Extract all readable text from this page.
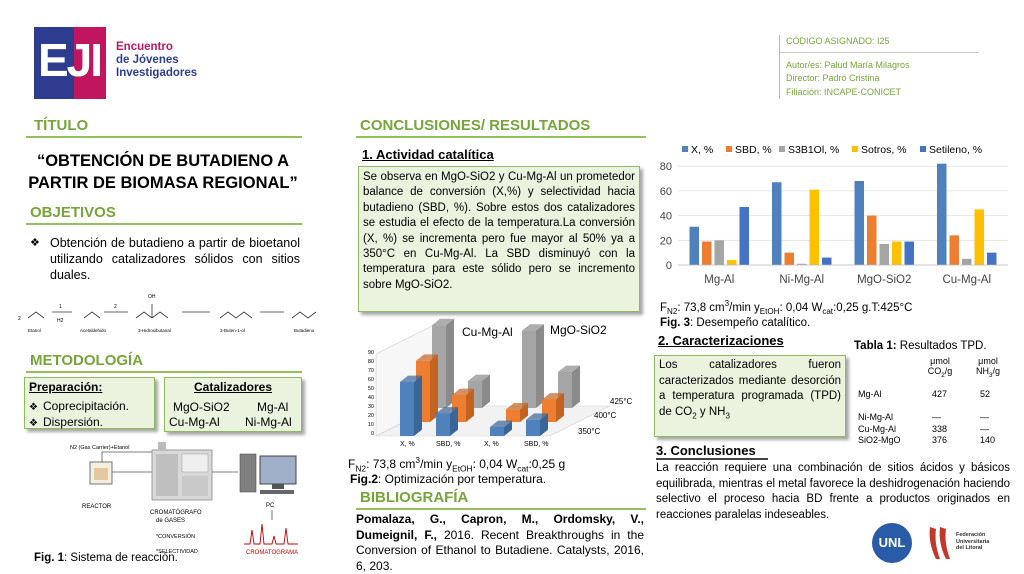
EJI Encuentro
de Jóvenes
Investigadores
CÓDIGO ASIGNADO: I25
Autor/es: Palud María Milagros
Director: Padró Cristina
Filiación: INCAPE-CONICET
TÍTULO
“OBTENCIÓN DE BUTADIENO A PARTIR DE BIOMASA REGIONAL”
OBJETIVOS
❖ Obtención de butadieno a partir de bioetanol utilizando catalizadores sólidos con sitios duales.
2
1
H2
2
OH
Etanol	Acetaldehido	3-Hidroxibutanal	3-Buten-1-ol	Butadieno
METODOLOGÍA
Preparación:
❖ Coprecipitación.
❖ Dispersión.
Catalizadores
MgO-SiO2 Mg-Al
Cu-Mg-Al Ni-Mg-Al
N2 (Gas Carrier)+Etanol
REACTOR
CROMATÓGRAFO
de GASES
*CONVERSIÓN
*SELECTIVIDAD
PC
CROMATOGRAMA
Fig. 1: Sistema de reacción.
CONCLUSIONES/ RESULTADOS
1. Actividad catalítica
Se observa en MgO-SiO2 y Cu-Mg-Al un prometedor balance de conversión (X,%) y selectividad hacia butadieno (SBD, %). Sobre estos dos catalizadores se estudia el efecto de la temperatura.La conversión (X, %) se incrementa pero fue mayor al 50% ya a 350°C en Cu-Mg-Al. La SBD disminuyó con la temperatura para este sólido pero se incremento sobre MgO-SiO2.
Cu-Mg-Al	MgO-SiO2
425°C
400°C
350°C
X, %	SBD, %	X, %	SBD, %
0
10
20
30
40
50
60
70
80
90
$F_{N2}$: 73,8 $cm^3/\min$ $y_{EtOH}$: 0,04 $W_{cat}:0,25$ g
Fig.2: Optimización por temperatura.
BIBLIOGRAFÍA
Pomalaza, G., Capron, M., Ordomsky, V., Dumeignil, F., 2016. Recent Breakthroughs in the Conversion of Ethanol to Butadiene. Catalysts, 2016, 6, 203.
X, % SBD, % S3B1Ol, % Sotros, % Setileno, %
0
20
40
60
80
Mg-Al	Ni-Mg-Al	MgO-SiO2	Cu-Mg-Al
$F_{N2}$: 73,8 $cm^3/\min$ $y_{EtOH}$: 0,04 $W_{cat}:0,25$ g.T:425°C
Fig. 3: Desempeño catalítico.
2. Caracterizaciones
Los catalizadores fueron caracterizados mediante desorción a temperatura programada (TPD) de $CO_2$ y $NH_3$
Tabla 1: Resultados TPD.
μmol
$CO_2/g$
μmol
$NH_3/g$
Mg-Al	427	52
Ni-Mg-Al	—	—
Cu-Mg-Al	338	—
SiO2-MgO	376	140
3. Conclusiones
La reacción requiere una combinación de sitios ácidos y básicos equilibrada, mientras el metal favorece la deshidrogenación haciendo selectivo el proceso hacia BD frente a productos originados en reacciones paralelas indeseables.
UNL	Federación
Universitaria
del Litoral
